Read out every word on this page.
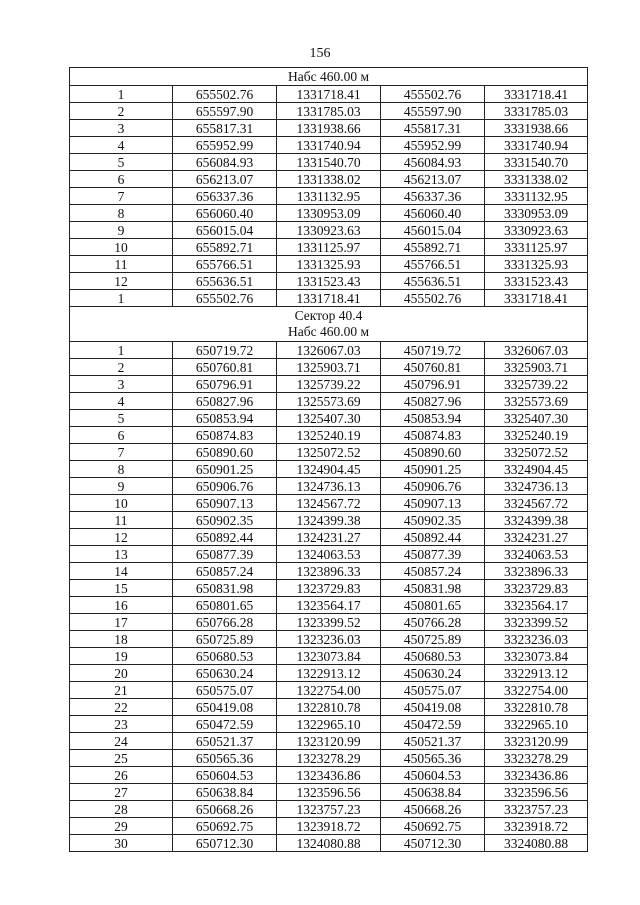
156
Набс 460.00 м				

1	655502.76	1331718.41	455502.76	3331718.41
2	655597.90	1331785.03	455597.90	3331785.03
3	655817.31	1331938.66	455817.31	3331938.66
4	655952.99	1331740.94	455952.99	3331740.94
5	656084.93	1331540.70	456084.93	3331540.70
6	656213.07	1331338.02	456213.07	3331338.02
7	656337.36	1331132.95	456337.36	3331132.95
8	656060.40	1330953.09	456060.40	3330953.09
9	656015.04	1330923.63	456015.04	3330923.63
10	655892.71	1331125.97	455892.71	3331125.97
11	655766.51	1331325.93	455766.51	3331325.93
12	655636.51	1331523.43	455636.51	3331523.43
1	655502.76	1331718.41	455502.76	3331718.41

Сектор 40.4
Набс 460.00 м				

1	650719.72	1326067.03	450719.72	3326067.03
2	650760.81	1325903.71	450760.81	3325903.71
3	650796.91	1325739.22	450796.91	3325739.22
4	650827.96	1325573.69	450827.96	3325573.69
5	650853.94	1325407.30	450853.94	3325407.30
6	650874.83	1325240.19	450874.83	3325240.19
7	650890.60	1325072.52	450890.60	3325072.52
8	650901.25	1324904.45	450901.25	3324904.45
9	650906.76	1324736.13	450906.76	3324736.13
10	650907.13	1324567.72	450907.13	3324567.72
11	650902.35	1324399.38	450902.35	3324399.38
12	650892.44	1324231.27	450892.44	3324231.27
13	650877.39	1324063.53	450877.39	3324063.53
14	650857.24	1323896.33	450857.24	3323896.33
15	650831.98	1323729.83	450831.98	3323729.83
16	650801.65	1323564.17	450801.65	3323564.17
17	650766.28	1323399.52	450766.28	3323399.52
18	650725.89	1323236.03	450725.89	3323236.03
19	650680.53	1323073.84	450680.53	3323073.84
20	650630.24	1322913.12	450630.24	3322913.12
21	650575.07	1322754.00	450575.07	3322754.00
22	650419.08	1322810.78	450419.08	3322810.78
23	650472.59	1322965.10	450472.59	3322965.10
24	650521.37	1323120.99	450521.37	3323120.99
25	650565.36	1323278.29	450565.36	3323278.29
26	650604.53	1323436.86	450604.53	3323436.86
27	650638.84	1323596.56	450638.84	3323596.56
28	650668.26	1323757.23	450668.26	3323757.23
29	650692.75	1323918.72	450692.75	3323918.72
30	650712.30	1324080.88	450712.30	3324080.88
